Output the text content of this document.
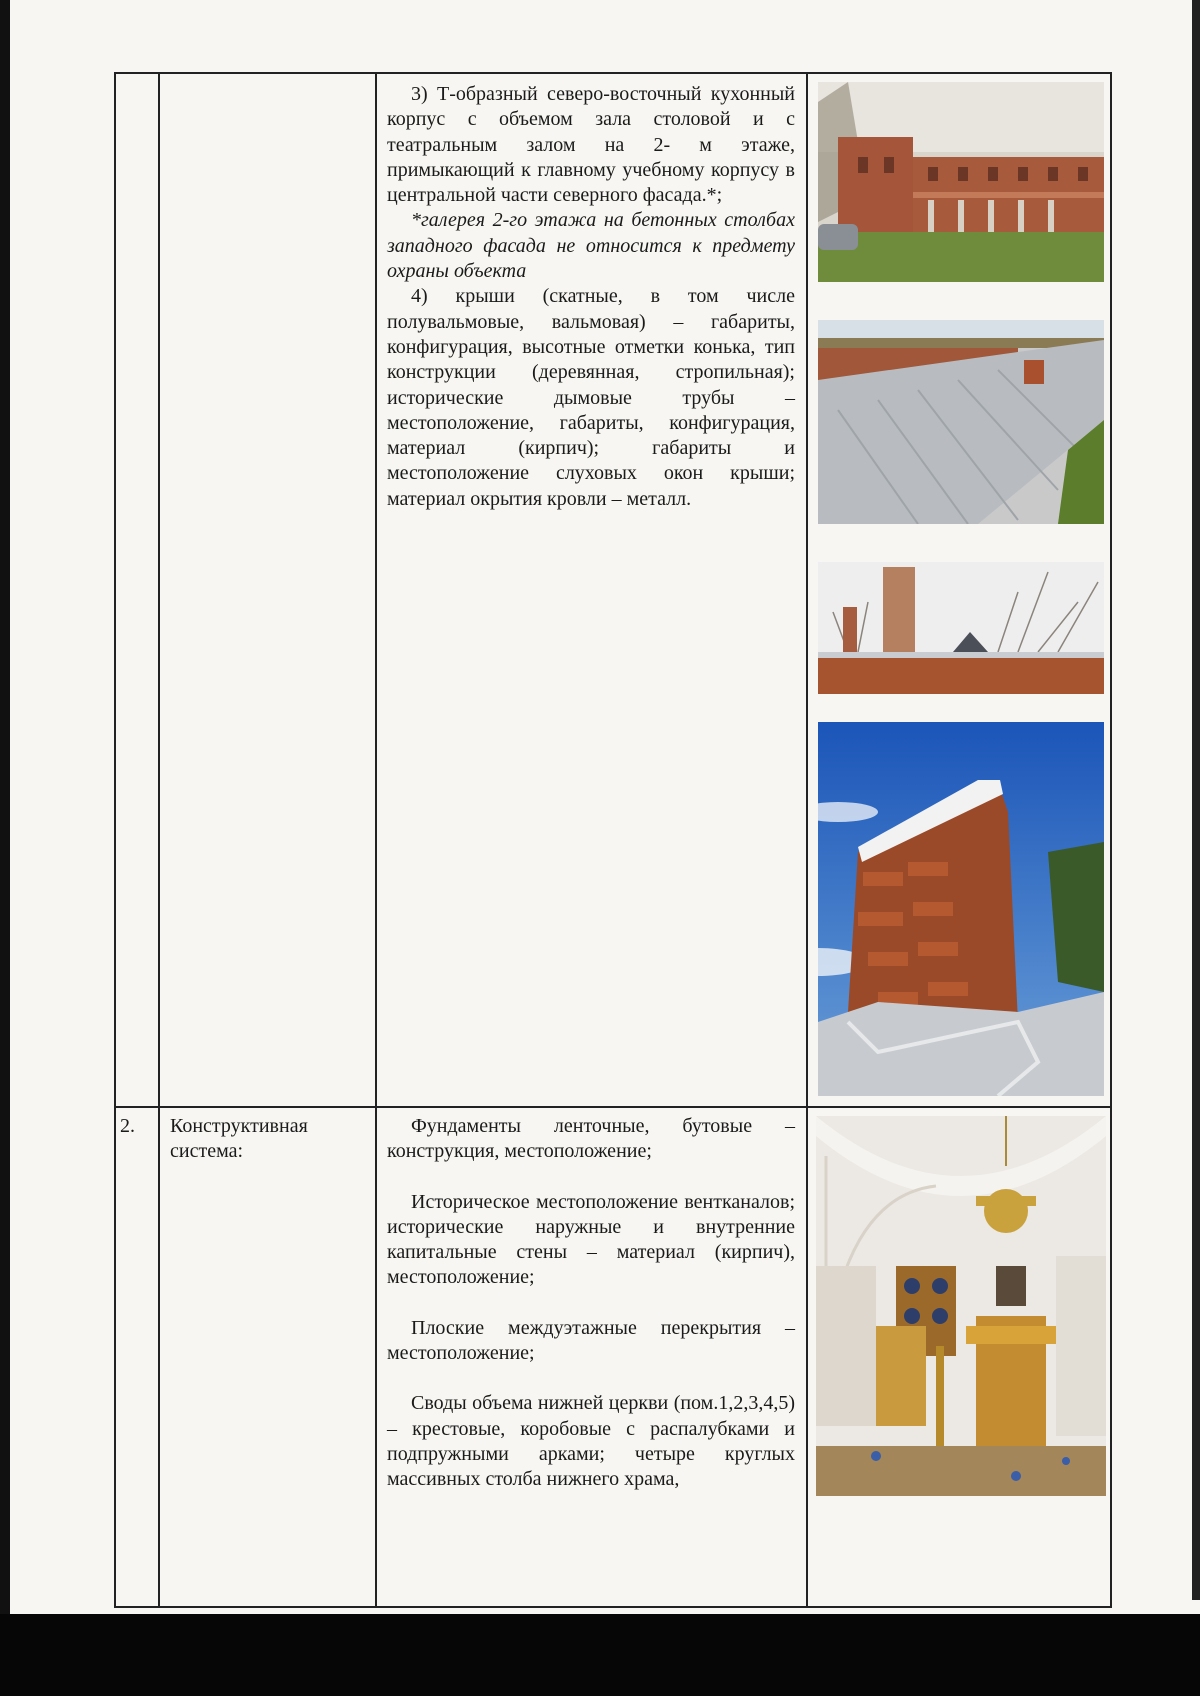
3) Т-образный северо-восточный кухонный корпус с объемом зала столовой и с театральным залом на 2- м этаже, примыкающий к главному учебному корпусу в центральной части северного фасада.*;

*галерея 2-го этажа на бетонных столбах западного фасада не относится к предмету охраны объекта

4) крыши (скатные, в том числе полувальмовые, вальмовая) – габариты, конфигурация, высотные отметки конька, тип конструкции (деревянная, стропильная); исторические дымовые трубы – местоположение, габариты, конфигурация, материал (кирпич); габариты и местоположение слуховых окон крыши; материал окрытия кровли – металл.

2. Конструктивная система:

Фундаменты ленточные, бутовые – конструкция, местоположение;

Историческое местоположение вентканалов; исторические наружные и внутренние капитальные стены – материал (кирпич), местоположение;

Плоские междуэтажные перекрытия – местоположение;

Своды объема нижней церкви (пом.1,2,3,4,5) – крестовые, коробовые с распалубками и подпружными арками; четыре круглых массивных столба нижнего храма,
